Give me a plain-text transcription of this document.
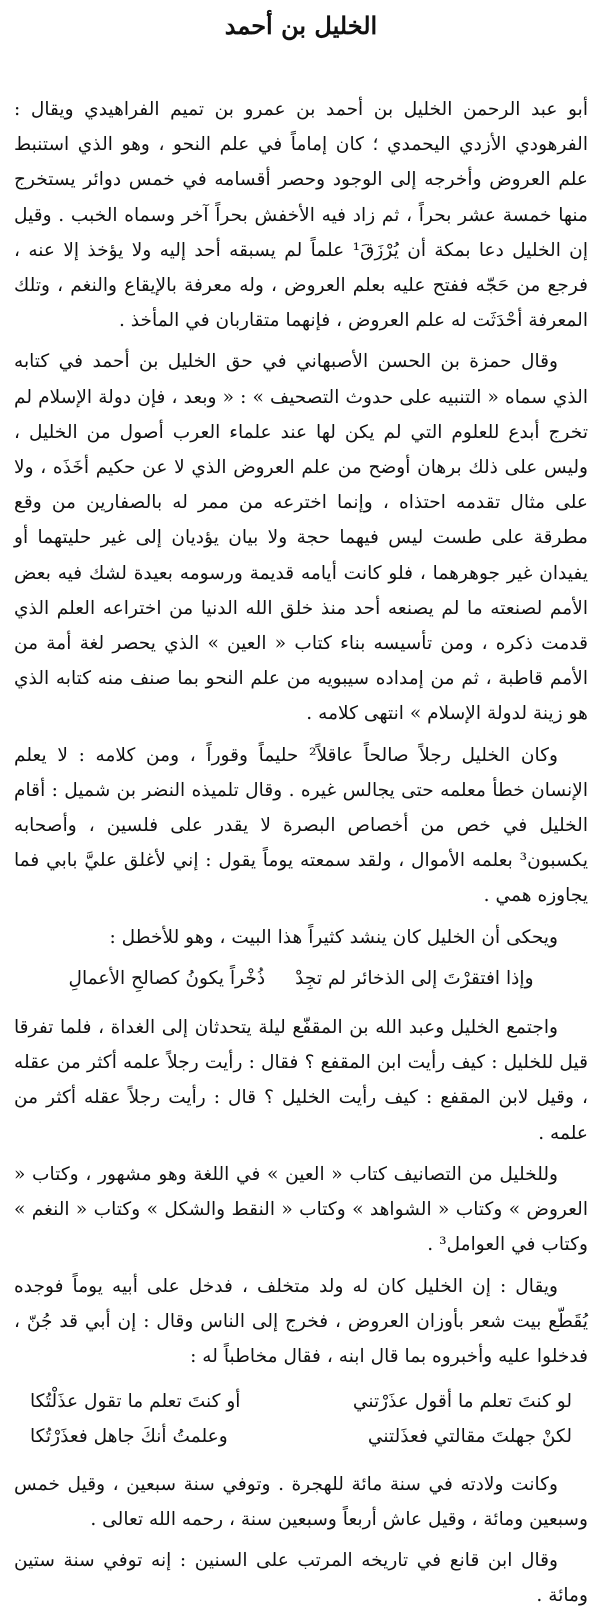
الخليل بن أحمد

أبو عبد الرحمن الخليل بن أحمد بن عمرو بن تميم الفراهيدي ويقال : الفرهودي الأزدي اليحمدي ؛ كان إماماً في علم النحو ، وهو الذي استنبط علم العروض وأخرجه إلى الوجود وحصر أقسامه في خمس دوائر يستخرج منها خمسة عشر بحراً ، ثم زاد فيه الأخفش بحراً آخر وسماه الخبب . وقيل إن الخليل دعا بمكة أن يُرْزَقَ¹ علماً لم يسبقه أحد إليه ولا يؤخذ إلا عنه ، فرجع من حَجّه ففتح عليه بعلم العروض ، وله معرفة بالإيقاع والنغم ، وتلك المعرفة أحْدَثَت له علم العروض ، فإنهما متقاربان في المأخذ .

وقال حمزة بن الحسن الأصبهاني في حق الخليل بن أحمد في كتابه الذي سماه « التنبيه على حدوث التصحيف » : « وبعد ، فإن دولة الإسلام لم تخرج أبدع للعلوم التي لم يكن لها عند علماء العرب أصول من الخليل ، وليس على ذلك برهان أوضح من علم العروض الذي لا عن حكيم أخَذَه ، ولا على مثال تقدمه احتذاه ، وإنما اخترعه من ممر له بالصفارين من وقع مطرقة على طست ليس فيهما حجة ولا بيان يؤديان إلى غير حليتهما أو يفيدان غير جوهرهما ، فلو كانت أيامه قديمة ورسومه بعيدة لشك فيه بعض الأمم لصنعته ما لم يصنعه أحد منذ خلق الله الدنيا من اختراعه العلم الذي قدمت ذكره ، ومن تأسيسه بناء كتاب « العين » الذي يحصر لغة أمة من الأمم قاطبة ، ثم من إمداده سيبويه من علم النحو بما صنف منه كتابه الذي هو زينة لدولة الإسلام » انتهى كلامه .

وكان الخليل رجلاً صالحاً عاقلاً² حليماً وقوراً ، ومن كلامه : لا يعلم الإنسان خطأ معلمه حتى يجالس غيره . وقال تلميذه النضر بن شميل : أقام الخليل في خص من أخصاص البصرة لا يقدر على فلسين ، وأصحابه يكسبون³ بعلمه الأموال ، ولقد سمعته يوماً يقول : إني لأغلق عليَّ بابي فما يجاوزه همي .

ويحكى أن الخليل كان ينشد كثيراً هذا البيت ، وهو للأخطل :

وإذا افتقرْتَ إلى الذخائر لم تجِدْ ذُخْراً يكونُ كصالحِ الأعمالِ

واجتمع الخليل وعبد الله بن المقفّع ليلة يتحدثان إلى الغداة ، فلما تفرقا قيل للخليل : كيف رأيت ابن المقفع ؟ فقال : رأيت رجلاً علمه أكثر من عقله ، وقيل لابن المقفع : كيف رأيت الخليل ؟ قال : رأيت رجلاً عقله أكثر من علمه .

وللخليل من التصانيف كتاب « العين » في اللغة وهو مشهور ، وكتاب « العروض » وكتاب « الشواهد » وكتاب « النقط والشكل » وكتاب « النغم » وكتاب في العوامل³ .

ويقال : إن الخليل كان له ولد متخلف ، فدخل على أبيه يوماً فوجده يُقَطّع بيت شعر بأوزان العروض ، فخرج إلى الناس وقال : إن أبي قد جُنّ ، فدخلوا عليه وأخبروه بما قال ابنه ، فقال مخاطباً له :

لو كنتَ تعلم ما أقول عذَرْتني
أو كنتَ تعلم ما تقول عذَلْتُكا
لكنْ جهلتَ مقالتي فعذَلتني
وعلمتُ أنكَ جاهل فعذَرْتُكا

وكانت ولادته في سنة مائة للهجرة . وتوفي سنة سبعين ، وقيل خمس وسبعين ومائة ، وقيل عاش أربعاً وسبعين سنة ، رحمه الله تعالى .

وقال ابن قانع في تاريخه المرتب على السنين : إنه توفي سنة ستين ومائة .
